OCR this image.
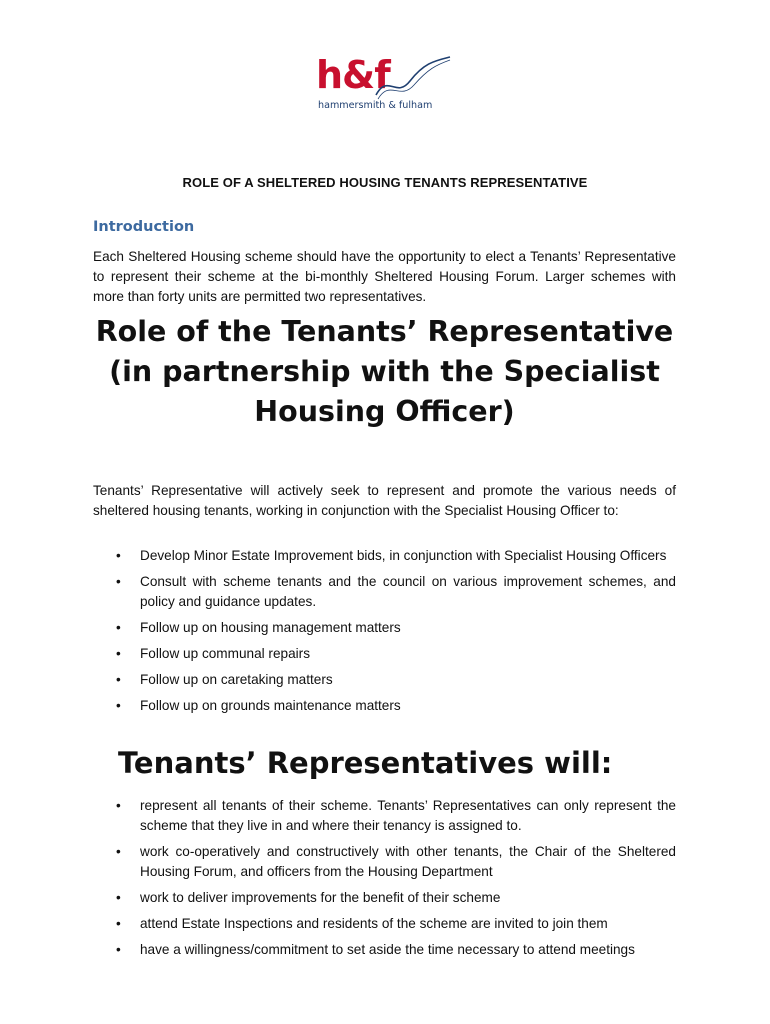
h&f
hammersmith & fulham
ROLE OF A SHELTERED HOUSING TENANTS REPRESENTATIVE
Introduction

Each Sheltered Housing scheme should have the opportunity to elect a Tenants’ Representative to represent their scheme at the bi-monthly Sheltered Housing Forum. Larger schemes with more than forty units are permitted two representatives.

Role of the Tenants’ Representative (in partnership with the Specialist Housing Officer)

Tenants’ Representative will actively seek to represent and promote the various needs of sheltered housing tenants, working in conjunction with the Specialist Housing Officer to:

• Develop Minor Estate Improvement bids, in conjunction with Specialist Housing Officers
• Consult with scheme tenants and the council on various improvement schemes, and policy and guidance updates.
• Follow up on housing management matters
• Follow up communal repairs
• Follow up on caretaking matters
• Follow up on grounds maintenance matters
Tenants’ Representatives will:
• represent all tenants of their scheme. Tenants’ Representatives can only represent the scheme that they live in and where their tenancy is assigned to.
• work co-operatively and constructively with other tenants, the Chair of the Sheltered Housing Forum, and officers from the Housing Department
• work to deliver improvements for the benefit of their scheme
• attend Estate Inspections and residents of the scheme are invited to join them
• have a willingness/commitment to set aside the time necessary to attend meetings
